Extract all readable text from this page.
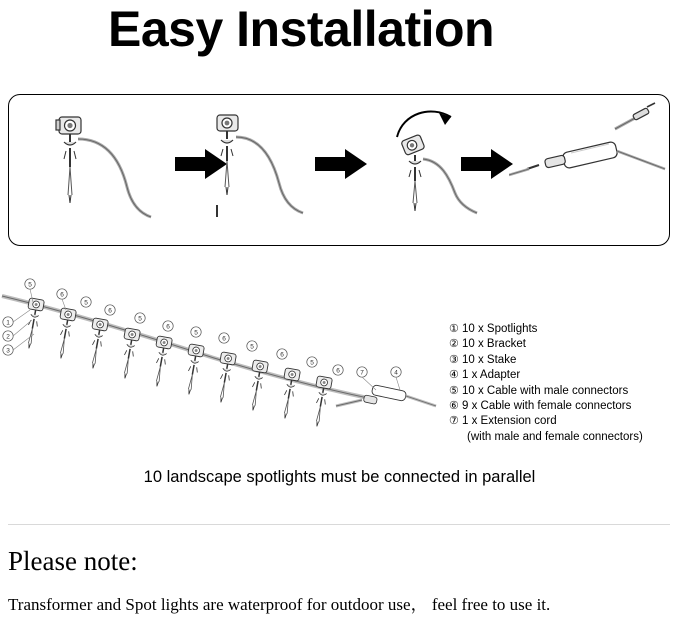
Easy Installation
1
2
3
5
6
5
6
5
6
5
6
5
6
5
6	7	4
① 10 x Spotlights
② 10 x Bracket
③ 10 x Stake
④ 1 x Adapter
⑤ 10 x Cable with male connectors
⑥ 9 x Cable with female connectors
⑦ 1 x Extension cord
(with male and female connectors)
10 landscape spotlights must be connected in parallel
Please note:
Transformer and Spot lights are waterproof for outdoor use， feel free to use it.
